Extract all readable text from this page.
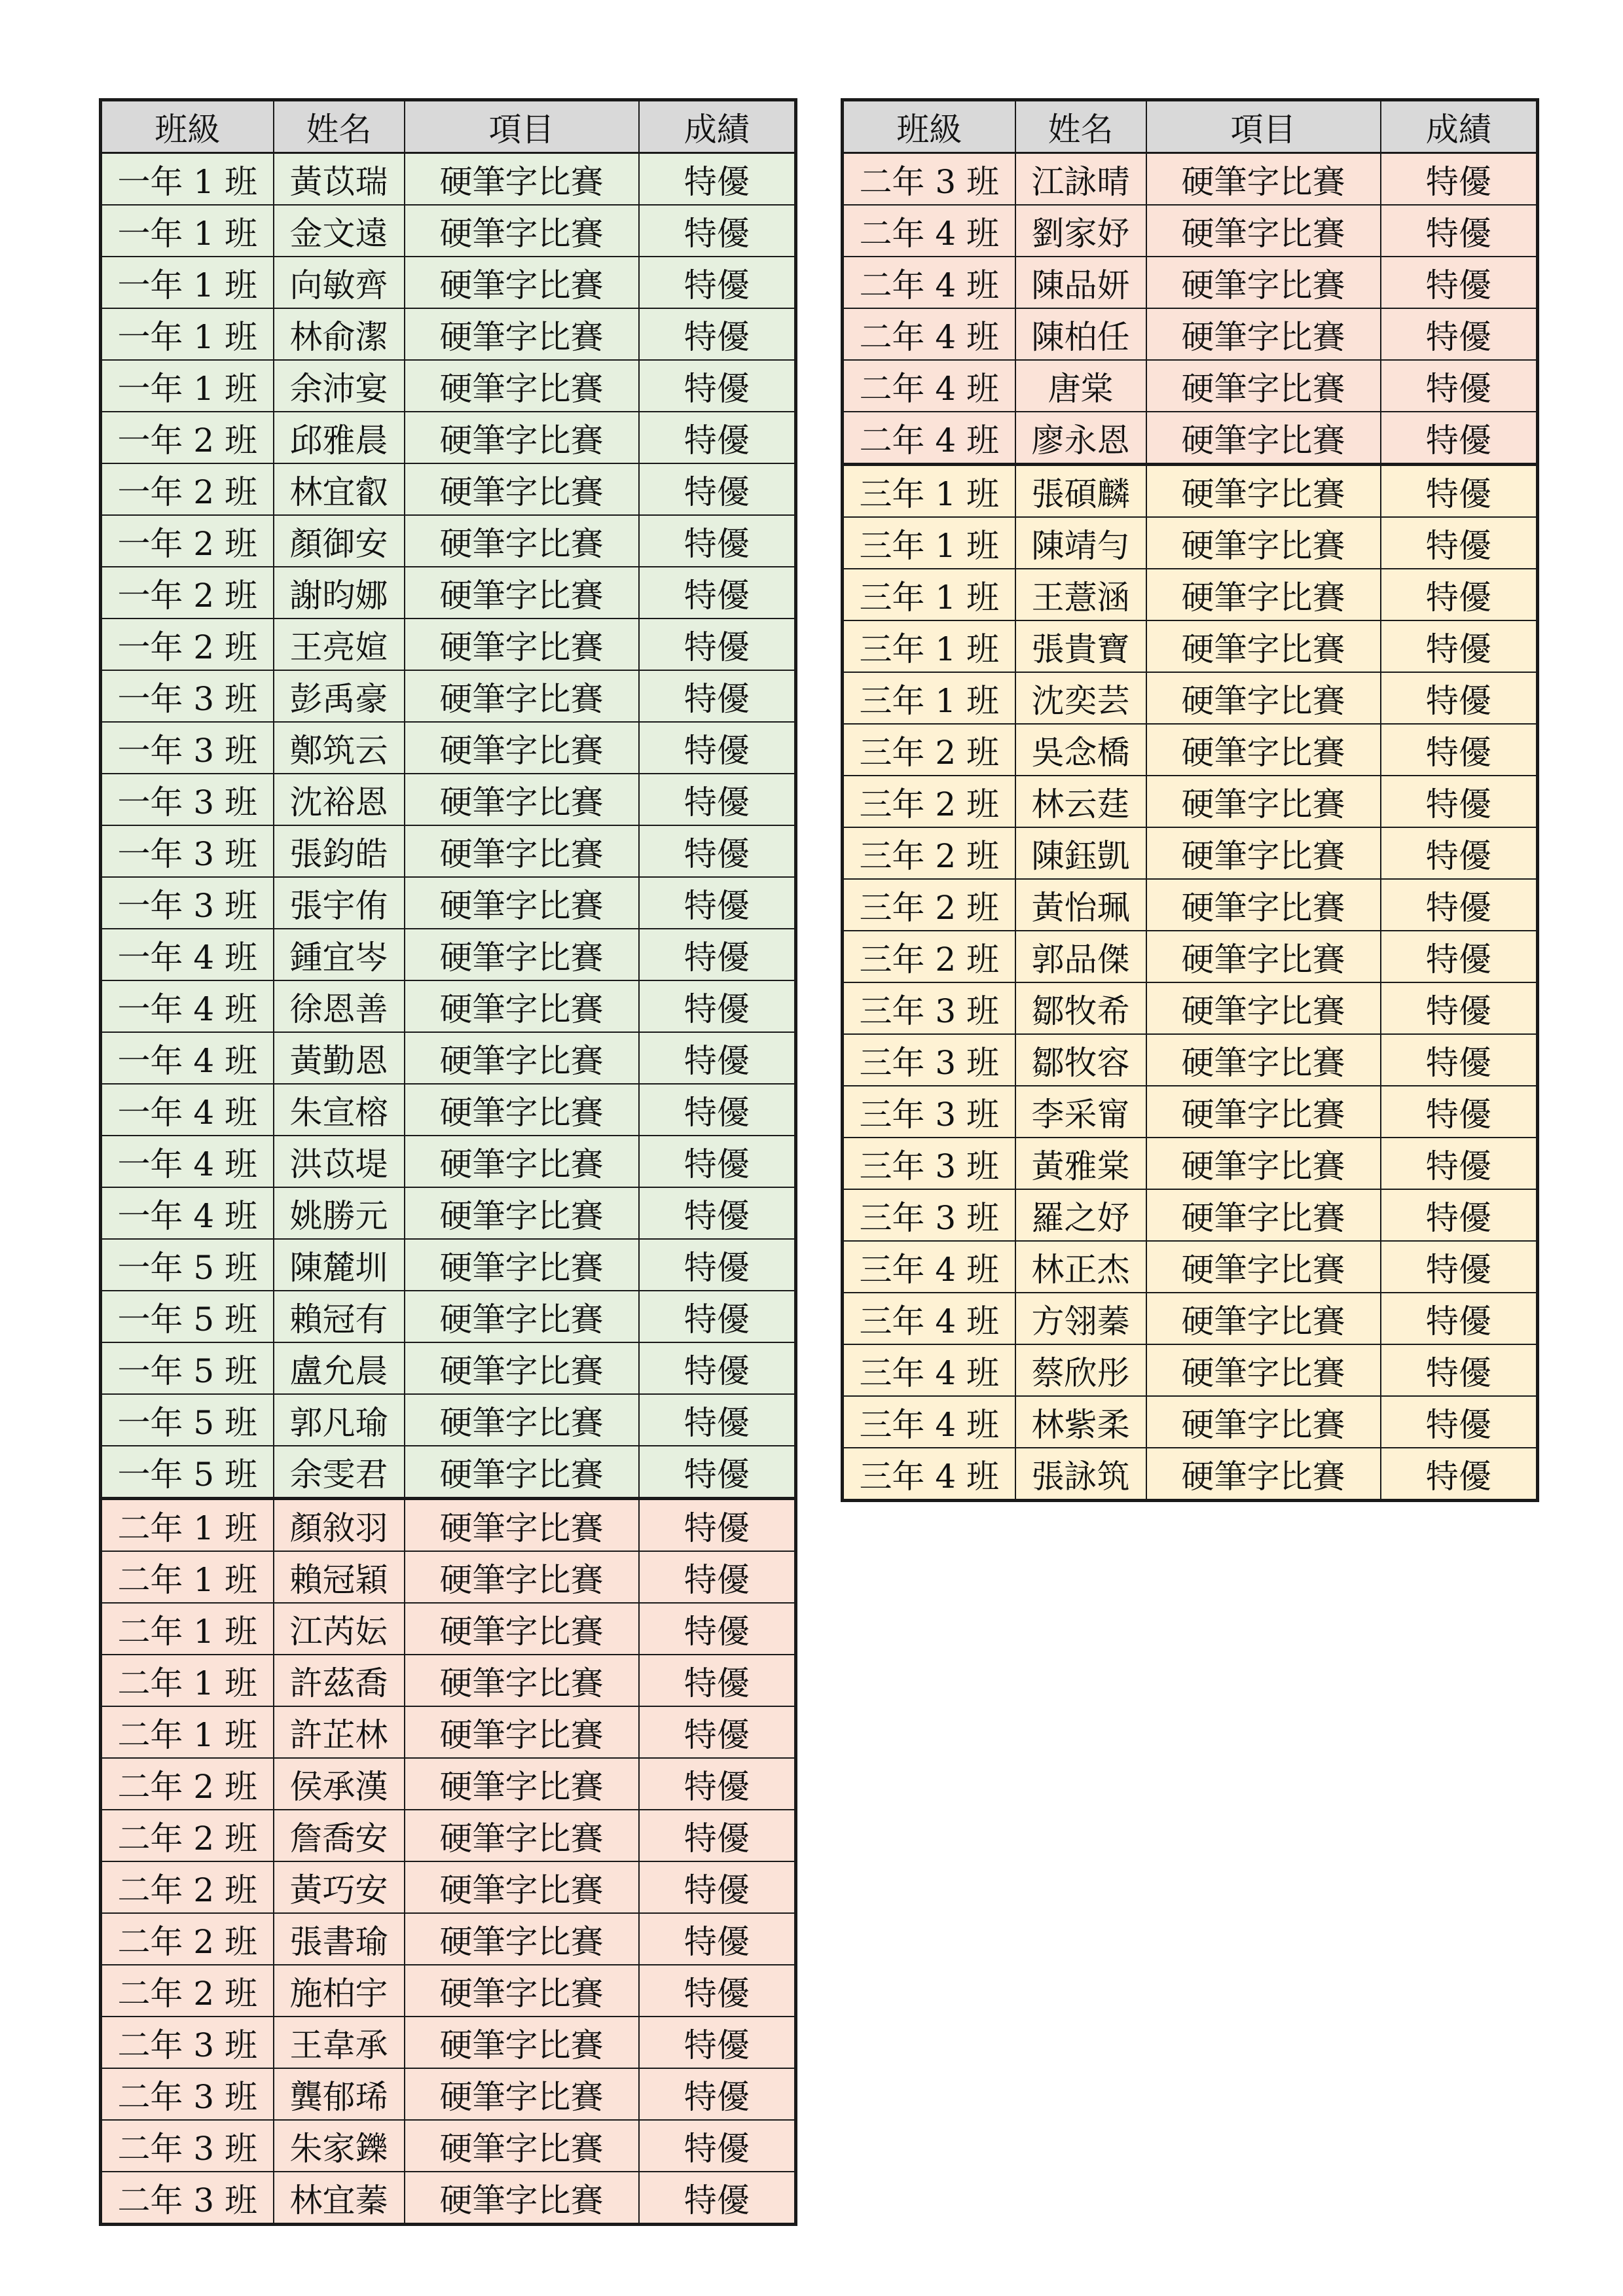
班級	姓名	項目	成績
一年 1 班	黃苡瑞	硬筆字比賽	特優
一年 1 班	金文遠	硬筆字比賽	特優
一年 1 班	向敏齊	硬筆字比賽	特優
一年 1 班	林俞潔	硬筆字比賽	特優
一年 1 班	余沛宴	硬筆字比賽	特優
一年 2 班	邱雅晨	硬筆字比賽	特優
一年 2 班	林宜叡	硬筆字比賽	特優
一年 2 班	顏御安	硬筆字比賽	特優
一年 2 班	謝昀娜	硬筆字比賽	特優
一年 2 班	王亮媗	硬筆字比賽	特優
一年 3 班	彭禹豪	硬筆字比賽	特優
一年 3 班	鄭筑云	硬筆字比賽	特優
一年 3 班	沈裕恩	硬筆字比賽	特優
一年 3 班	張鈞皓	硬筆字比賽	特優
一年 3 班	張宇侑	硬筆字比賽	特優
一年 4 班	鍾宜岑	硬筆字比賽	特優
一年 4 班	徐恩善	硬筆字比賽	特優
一年 4 班	黃勤恩	硬筆字比賽	特優
一年 4 班	朱宣榕	硬筆字比賽	特優
一年 4 班	洪苡堤	硬筆字比賽	特優
一年 4 班	姚勝元	硬筆字比賽	特優
一年 5 班	陳麓圳	硬筆字比賽	特優
一年 5 班	賴冠有	硬筆字比賽	特優
一年 5 班	盧允晨	硬筆字比賽	特優
一年 5 班	郭凡瑜	硬筆字比賽	特優
一年 5 班	余雯君	硬筆字比賽	特優
二年 1 班	顏敘羽	硬筆字比賽	特優
二年 1 班	賴冠穎	硬筆字比賽	特優
二年 1 班	江芮妘	硬筆字比賽	特優
二年 1 班	許茲喬	硬筆字比賽	特優
二年 1 班	許芷林	硬筆字比賽	特優
二年 2 班	侯承漢	硬筆字比賽	特優
二年 2 班	詹喬安	硬筆字比賽	特優
二年 2 班	黃巧安	硬筆字比賽	特優
二年 2 班	張書瑜	硬筆字比賽	特優
二年 2 班	施柏宇	硬筆字比賽	特優
二年 3 班	王韋承	硬筆字比賽	特優
二年 3 班	龔郁琋	硬筆字比賽	特優
二年 3 班	朱家鑠	硬筆字比賽	特優
二年 3 班	林宜蓁	硬筆字比賽	特優
班級	姓名	項目	成績
二年 3 班	江詠晴	硬筆字比賽	特優
二年 4 班	劉家妤	硬筆字比賽	特優
二年 4 班	陳品妍	硬筆字比賽	特優
二年 4 班	陳柏任	硬筆字比賽	特優
二年 4 班	唐棠	硬筆字比賽	特優
二年 4 班	廖永恩	硬筆字比賽	特優
三年 1 班	張碩麟	硬筆字比賽	特優
三年 1 班	陳靖勻	硬筆字比賽	特優
三年 1 班	王薏涵	硬筆字比賽	特優
三年 1 班	張貴寶	硬筆字比賽	特優
三年 1 班	沈奕芸	硬筆字比賽	特優
三年 2 班	吳念橋	硬筆字比賽	特優
三年 2 班	林云莛	硬筆字比賽	特優
三年 2 班	陳鈺凱	硬筆字比賽	特優
三年 2 班	黃怡珮	硬筆字比賽	特優
三年 2 班	郭品傑	硬筆字比賽	特優
三年 3 班	鄒牧希	硬筆字比賽	特優
三年 3 班	鄒牧容	硬筆字比賽	特優
三年 3 班	李采甯	硬筆字比賽	特優
三年 3 班	黃雅棠	硬筆字比賽	特優
三年 3 班	羅之妤	硬筆字比賽	特優
三年 4 班	林正杰	硬筆字比賽	特優
三年 4 班	方翎蓁	硬筆字比賽	特優
三年 4 班	蔡欣彤	硬筆字比賽	特優
三年 4 班	林紫柔	硬筆字比賽	特優
三年 4 班	張詠筑	硬筆字比賽	特優
